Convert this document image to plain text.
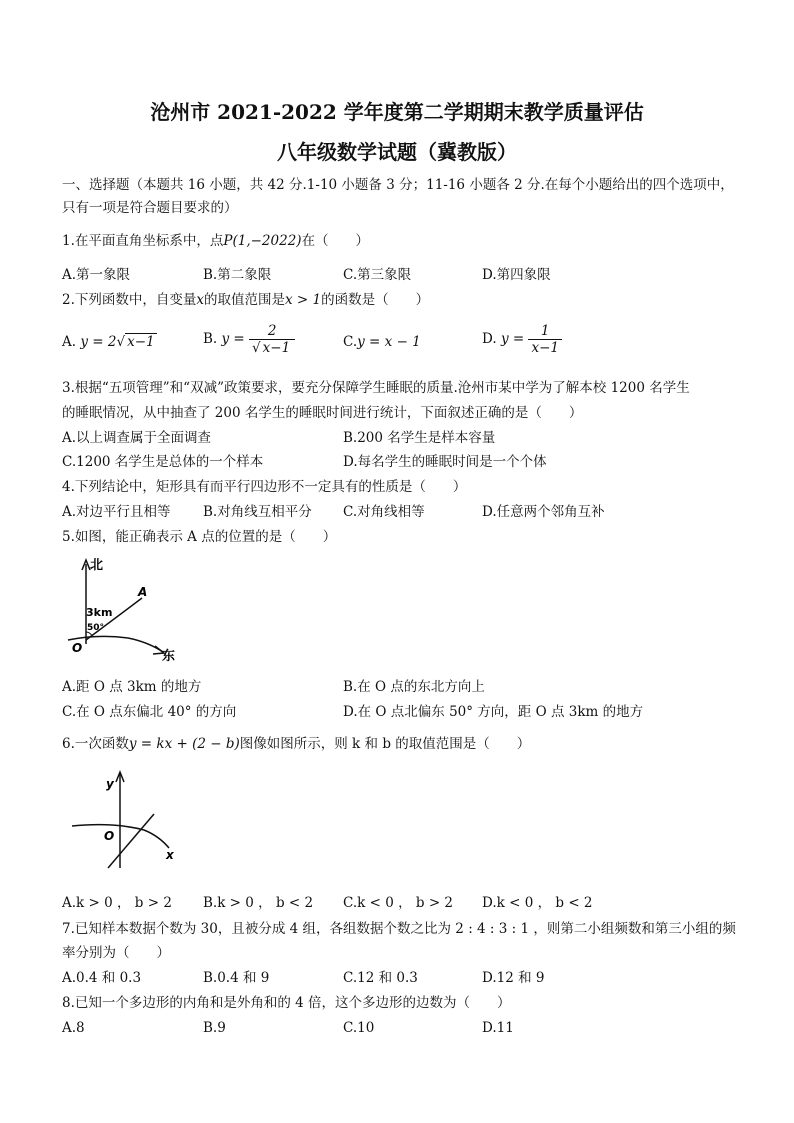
沧州市 2021-2022 学年度第二学期期末教学质量评估
八年级数学试题（冀教版）
一、选择题（本题共 16 小题，共 42 分.1-10 小题备 3 分；11-16 小题各 2 分.在每个小题给出的四个选项中，
只有一项是符合题目要求的）
1.在平面直角坐标系中，点P(1,−2022)在（　　）
A.第一象限	B.第二象限	C.第三象限	D.第四象限
2.下列函数中，自变量x的取值范围是x > 1的函数是（　　）
A. y = 2√ x−1	B. $y = \frac{2}{√ x-1}$	C.y = x − 1	D. $y = \frac{1}{x-1}$
3.根据“五项管理”和“双减”政策要求，要充分保障学生睡眠的质量.沧州市某中学为了解本校 1200 名学生
的睡眠情况，从中抽查了 200 名学生的睡眠时间进行统计，下面叙述正确的是（　　）
A.以上调查属于全面调查	B.200 名学生是样本容量
C.1200 名学生是总体的一个样本	D.每名学生的睡眠时间是一个个体
4.下列结论中，矩形具有而平行四边形不一定具有的性质是（　　）
A.对边平行且相等 B.对角线互相平分 C.对角线相等	D.任意两个邻角互补
5.如图，能正确表示 A 点的位置的是（　　）
北
东
A
3km
50°
O
A.距 O 点 3km 的地方	B.在 O 点的东北方向上
C.在 O 点东偏北 40° 的方向	D.在 O 点北偏东 50° 方向，距 O 点 3km 的地方
6.一次函数y = kx + (2 − b)图像如图所示，则 k 和 b 的取值范围是（　　）
y
x
O
A.k > 0 ， b > 2 B.k > 0 ， b < 2 C.k < 0 ， b > 2 D.k < 0 ， b < 2
7.已知样本数据个数为 30，且被分成 4 组，各组数据个数之比为 2 : 4 : 3 : 1 ，则第二小组频数和第三小组的频
率分别为（　　）
A.0.4 和 0.3	B.0.4 和 9	C.12 和 0.3	D.12 和 9
8.已知一个多边形的内角和是外角和的 4 倍，这个多边形的边数为（　　）
A.8	B.9	C.10	D.11
